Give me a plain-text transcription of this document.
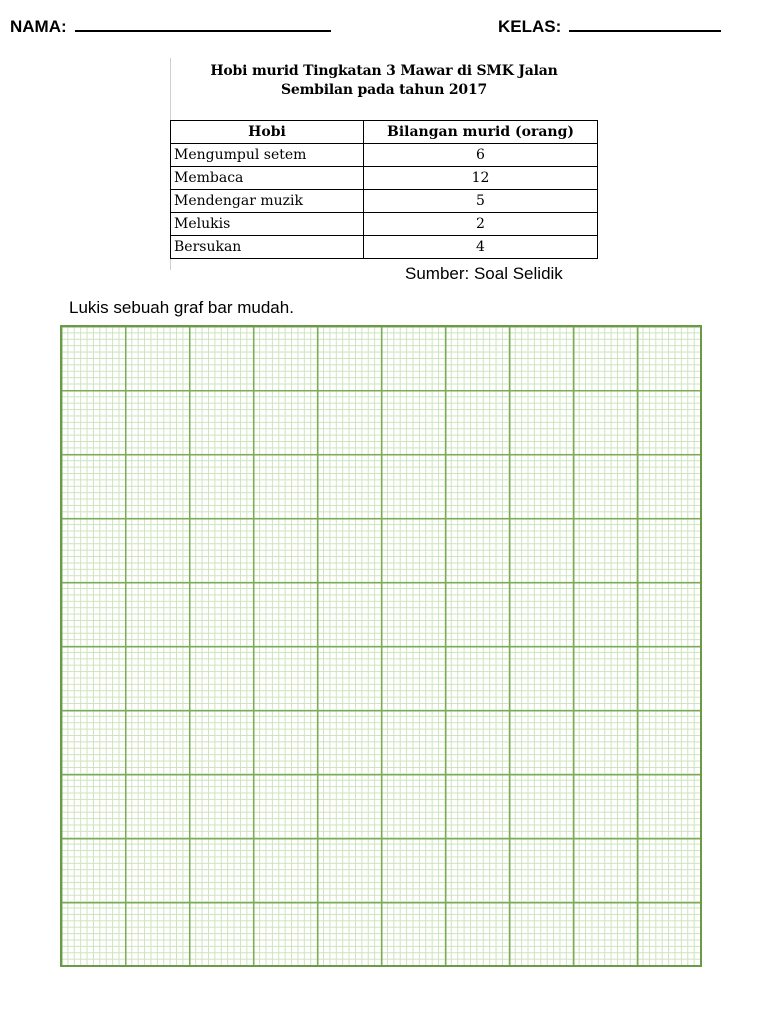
NAMA:	KELAS:
Hobi murid Tingkatan 3 Mawar di SMK Jalan
Sembilan pada tahun 2017
Hobi	Bilangan murid (orang)
Mengumpul setem	6
Membaca	12
Mendengar muzik	5
Melukis	2
Bersukan	4
Sumber: Soal Selidik
Lukis sebuah graf bar mudah.
